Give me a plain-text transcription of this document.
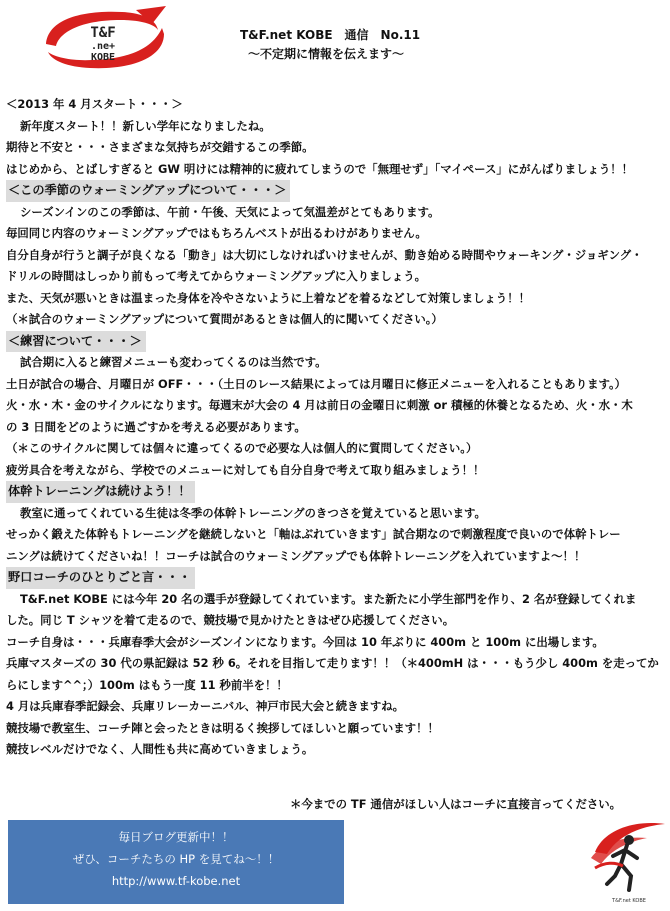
T&F
.ne+
KOBE
T&F.net KOBE　通信　No.11
～不定期に情報を伝えます～

＜2013 年 4 月スタート・・・＞

新年度スタート！！新しい学年になりましたね。

期待と不安と・・・さまざまな気持ちが交錯するこの季節。

はじめから、とばしすぎると GW 明けには精神的に疲れてしまうので「無理せず」「マイペース」にがんばりましょう！！

＜この季節のウォーミングアップについて・・・＞

シーズンインのこの季節は、午前・午後、天気によって気温差がとてもあります。

毎回同じ内容のウォーミングアップではもちろんベストが出るわけがありません。

自分自身が行うと調子が良くなる「動き」は大切にしなければいけませんが、動き始める時間やウォーキング・ジョギング・

ドリルの時間はしっかり前もって考えてからウォーミングアップに入りましょう。

また、天気が悪いときは温まった身体を冷やさないように上着などを着るなどして対策しましょう！！

（＊試合のウォーミングアップについて質問があるときは個人的に聞いてください。）

＜練習について・・・＞

試合期に入ると練習メニューも変わってくるのは当然です。

土日が試合の場合、月曜日が OFF・・・（土日のレース結果によっては月曜日に修正メニューを入れることもあります。）

火・水・木・金のサイクルになります。毎週末が大会の 4 月は前日の金曜日に刺激 or 積極的休養となるため、火・水・木

の 3 日間をどのように過ごすかを考える必要があります。

（＊このサイクルに関しては個々に違ってくるので必要な人は個人的に質問してください。）

疲労具合を考えながら、学校でのメニューに対しても自分自身で考えて取り組みましょう！！

体幹トレーニングは続けよう！！

教室に通ってくれている生徒は冬季の体幹トレーニングのきつさを覚えていると思います。

せっかく鍛えた体幹もトレーニングを継続しないと「軸はぶれていきます」試合期なので刺激程度で良いので体幹トレー

ニングは続けてくださいね！！コーチは試合のウォーミングアップでも体幹トレーニングを入れていますよ～！！

野口コーチのひとりごと言・・・

T&F.net KOBE には今年 20 名の選手が登録してくれています。また新たに小学生部門を作り、2 名が登録してくれま

した。同じ T シャツを着て走るので、競技場で見かけたときはぜひ応援してください。

コーチ自身は・・・兵庫春季大会がシーズンインになります。今回は 10 年ぶりに 400m と 100m に出場します。

兵庫マスターズの 30 代の県記録は 52 秒 6。それを目指して走ります！！（＊400mH は・・・もう少し 400m を走ってか

らにします^^；）100m はもう一度 11 秒前半を！！

4 月は兵庫春季記録会、兵庫リレーカーニバル、神戸市民大会と続きますね。

競技場で教室生、コーチ陣と会ったときは明るく挨拶してほしいと願っています！！

競技レベルだけでなく、人間性も共に高めていきましょう。

＊今までの TF 通信がほしい人はコーチに直接言ってください。
毎日ブログ更新中！！
ぜひ、コーチたちの HP を見てね～！！
http://www.tf-kobe.net
T&F.net KOBE
